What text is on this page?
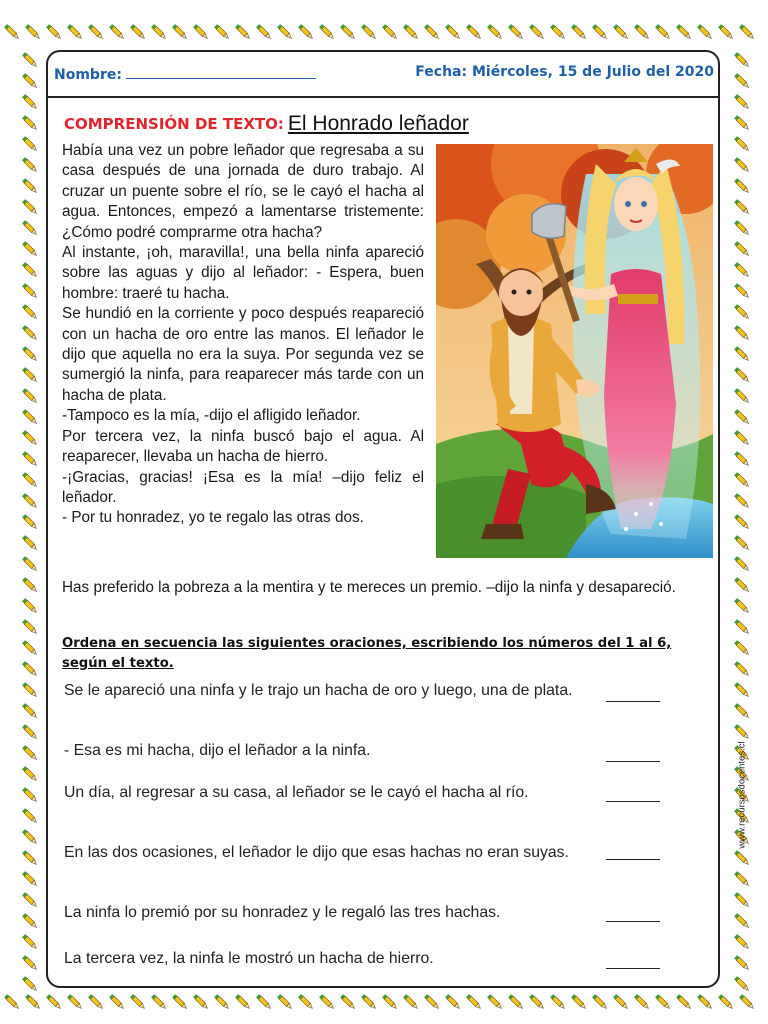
Nombre:	Fecha: Miércoles, 15 de Julio del 2020
COMPRENSIÓN DE TEXTO: El Honrado leñador

Había una vez un pobre leñador que regresaba a su casa después de una jornada de duro trabajo. Al cruzar un puente sobre el río, se le cayó el hacha al agua. Entonces, empezó a lamentarse tristemente: ¿Cómo podré comprarme otra hacha?

Al instante, ¡oh, maravilla!, una bella ninfa apareció sobre las aguas y dijo al leñador: - Espera, buen hombre: traeré tu hacha.

Se hundió en la corriente y poco después reapareció con un hacha de oro entre las manos. El leñador le dijo que aquella no era la suya. Por segunda vez se sumergió la ninfa, para reaparecer más tarde con un hacha de plata.

-Tampoco es la mía, -dijo el afligido leñador.

Por tercera vez, la ninfa buscó bajo el agua. Al reaparecer, llevaba un hacha de hierro.

-¡Gracias, gracias! ¡Esa es la mía! –dijo feliz el leñador.

- Por tu honradez, yo te regalo las otras dos.

Has preferido la pobreza a la mentira y te mereces un premio. –dijo la ninfa y desapareció.

Ordena en secuencia las siguientes oraciones, escribiendo los números del 1 al 6, según el texto.
Se le apareció una ninfa y le trajo un hacha de oro y luego, una de plata.
- Esa es mi hacha, dijo el leñador a la ninfa.
Un día, al regresar a su casa, al leñador se le cayó el hacha al río.
En las dos ocasiones, el leñador le dijo que esas hachas no eran suyas.
La ninfa lo premió por su honradez y le regaló las tres hachas.
La tercera vez, la ninfa le mostró un hacha de hierro.
www.recursosdocentes.cl
